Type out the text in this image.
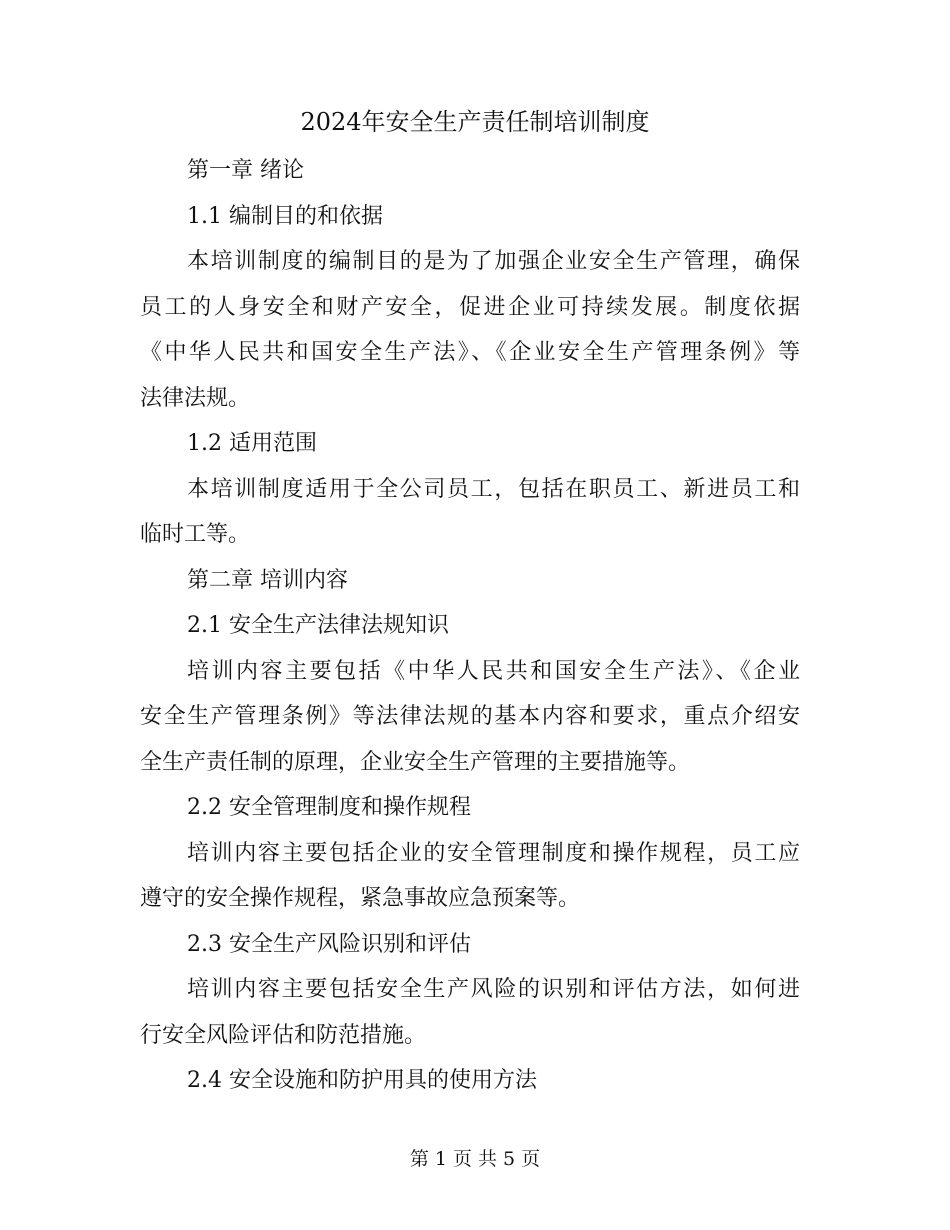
2024年安全生产责任制培训制度
第一章 绪论
1.1 编制目的和依据
本培训制度的编制目的是为了加强企业安全生产管理，确保
员工的人身安全和财产安全，促进企业可持续发展。制度依据
《中华人民共和国安全生产法》、《企业安全生产管理条例》等
法律法规。
1.2 适用范围
本培训制度适用于全公司员工，包括在职员工、新进员工和
临时工等。
第二章 培训内容
2.1 安全生产法律法规知识
培训内容主要包括《中华人民共和国安全生产法》、《企业
安全生产管理条例》等法律法规的基本内容和要求，重点介绍安
全生产责任制的原理，企业安全生产管理的主要措施等。
2.2 安全管理制度和操作规程
培训内容主要包括企业的安全管理制度和操作规程，员工应
遵守的安全操作规程，紧急事故应急预案等。
2.3 安全生产风险识别和评估
培训内容主要包括安全生产风险的识别和评估方法，如何进
行安全风险评估和防范措施。
2.4 安全设施和防护用具的使用方法
第 1 页 共 5 页
